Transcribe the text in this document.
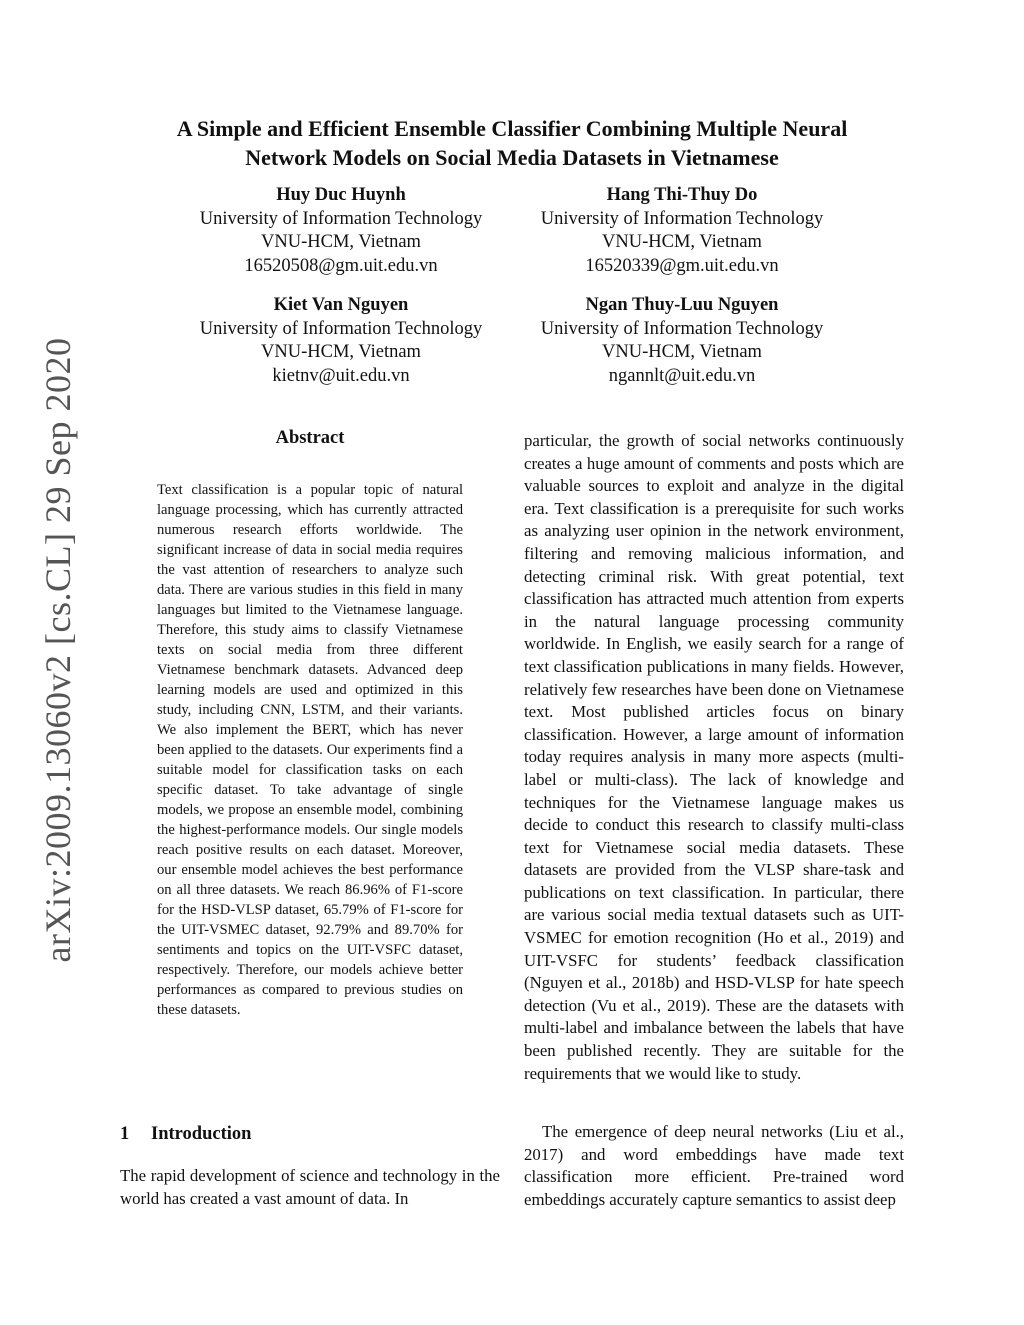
arXiv:2009.13060v2 [cs.CL] 29 Sep 2020
A Simple and Efficient Ensemble Classifier Combining Multiple Neural
Network Models on Social Media Datasets in Vietnamese
Huy Duc Huynh
University of Information Technology
VNU-HCM, Vietnam
16520508@gm.uit.edu.vn
Hang Thi-Thuy Do
University of Information Technology
VNU-HCM, Vietnam
16520339@gm.uit.edu.vn
Kiet Van Nguyen
University of Information Technology
VNU-HCM, Vietnam
kietnv@uit.edu.vn
Ngan Thuy-Luu Nguyen
University of Information Technology
VNU-HCM, Vietnam
ngannlt@uit.edu.vn
Abstract

Text classification is a popular topic of natural language processing, which has currently attracted numerous research efforts worldwide. The significant increase of data in social media requires the vast attention of researchers to analyze such data. There are various studies in this field in many languages but limited to the Vietnamese language. Therefore, this study aims to classify Vietnamese texts on social media from three different Vietnamese benchmark datasets. Advanced deep learning models are used and optimized in this study, including CNN, LSTM, and their variants. We also implement the BERT, which has never been applied to the datasets. Our experiments find a suitable model for classification tasks on each specific dataset. To take advantage of single models, we propose an ensemble model, combining the highest-performance models. Our single models reach positive results on each dataset. Moreover, our ensemble model achieves the best performance on all three datasets. We reach 86.96% of F1-score for the HSD-VLSP dataset, 65.79% of F1-score for the UIT-VSMEC dataset, 92.79% and 89.70% for sentiments and topics on the UIT-VSFC dataset, respectively. Therefore, our models achieve better performances as compared to previous studies on these datasets.

1 Introduction

The rapid development of science and technology in the world has created a vast amount of data. In

particular, the growth of social networks continuously creates a huge amount of comments and posts which are valuable sources to exploit and analyze in the digital era. Text classification is a prerequisite for such works as analyzing user opinion in the network environment, filtering and removing malicious information, and detecting criminal risk. With great potential, text classification has attracted much attention from experts in the natural language processing community worldwide. In English, we easily search for a range of text classification publications in many fields. However, relatively few researches have been done on Vietnamese text. Most published articles focus on binary classification. However, a large amount of information today requires analysis in many more aspects (multi-label or multi-class). The lack of knowledge and techniques for the Vietnamese language makes us decide to conduct this research to classify multi-class text for Vietnamese social media datasets. These datasets are provided from the VLSP share-task and publications on text classification. In particular, there are various social media textual datasets such as UIT-VSMEC for emotion recognition (Ho et al., 2019) and UIT-VSFC for students’ feedback classification (Nguyen et al., 2018b) and HSD-VLSP for hate speech detection (Vu et al., 2019). These are the datasets with multi-label and imbalance between the labels that have been published recently. They are suitable for the requirements that we would like to study.

The emergence of deep neural networks (Liu et al., 2017) and word embeddings have made text classification more efficient. Pre-trained word embeddings accurately capture semantics to assist deep
